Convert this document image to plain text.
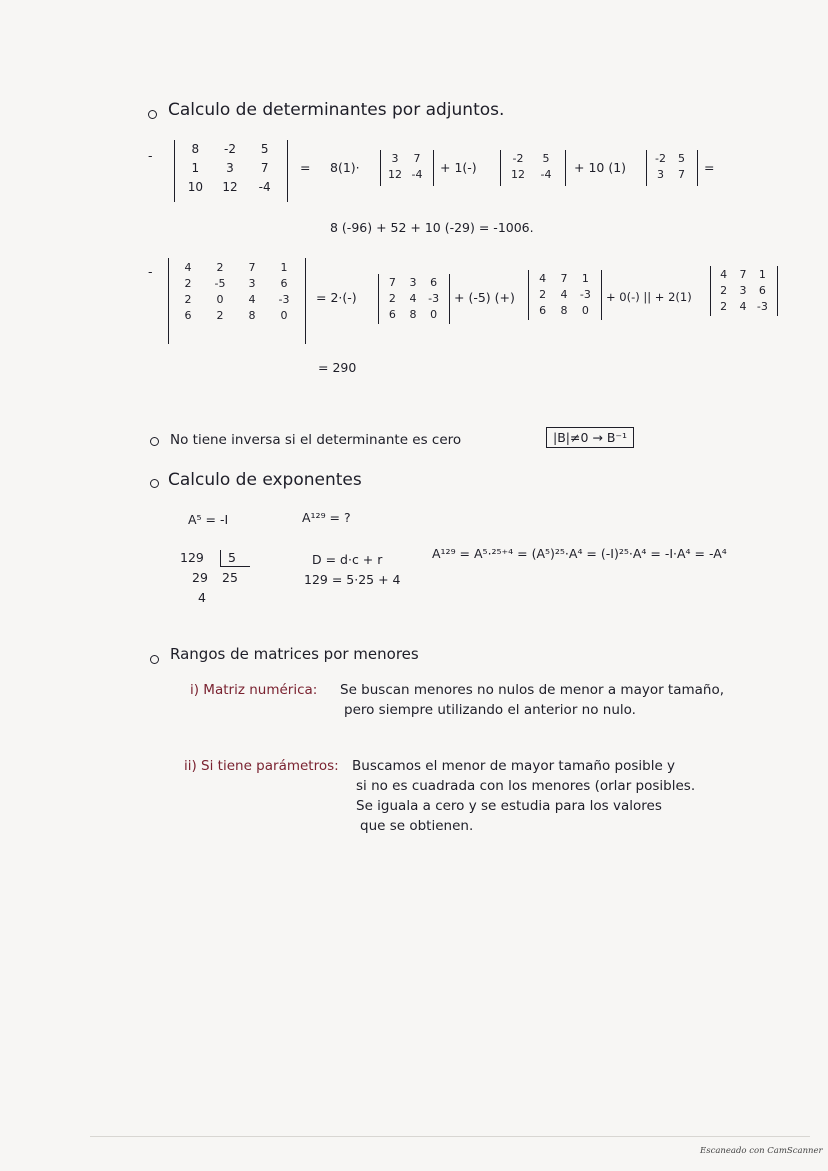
Calculo de determinantes por adjuntos.
-	8	-2	5
1	3	7
10	12	-4
= 8(1)·
3	7
12 -4	+ 1(-)
-2	5
12	-4	+ 10 (1)
-2	5
3	7	=
8 (-96) + 52 + 10 (-29) = -1006.
-	4	2	7	1
2	-5	3	6
2	0	4	-3
6	2	8	0
= 2·(-)
7	3	6
2	4	-3
6	8	0
+ (-5) (+)
4	7	1
2	4	-3
6	8	0
+ 0(-) || + 2(1)
4	7	1
2	3	6
2	4 -3
= 290
No tiene inversa si el determinante es cero	|B|≠0 → B⁻¹
Calculo de exponentes
A⁵ = -I	A¹²⁹ = ?
129 5
29 25
4
D = d·c + r
129 = 5·25 + 4
A¹²⁹ = A⁵·²⁵⁺⁴ = (A⁵)²⁵·A⁴ = (-I)²⁵·A⁴ = -I·A⁴ = -A⁴
Rangos de matrices por menores
i) Matriz numérica: Se buscan menores no nulos de menor a mayor tamaño,
pero siempre utilizando el anterior no nulo.
ii) Si tiene parámetros: Buscamos el menor de mayor tamaño posible y
si no es cuadrada con los menores (orlar posibles.
Se iguala a cero y se estudia para los valores
que se obtienen.
Escaneado con CamScanner
